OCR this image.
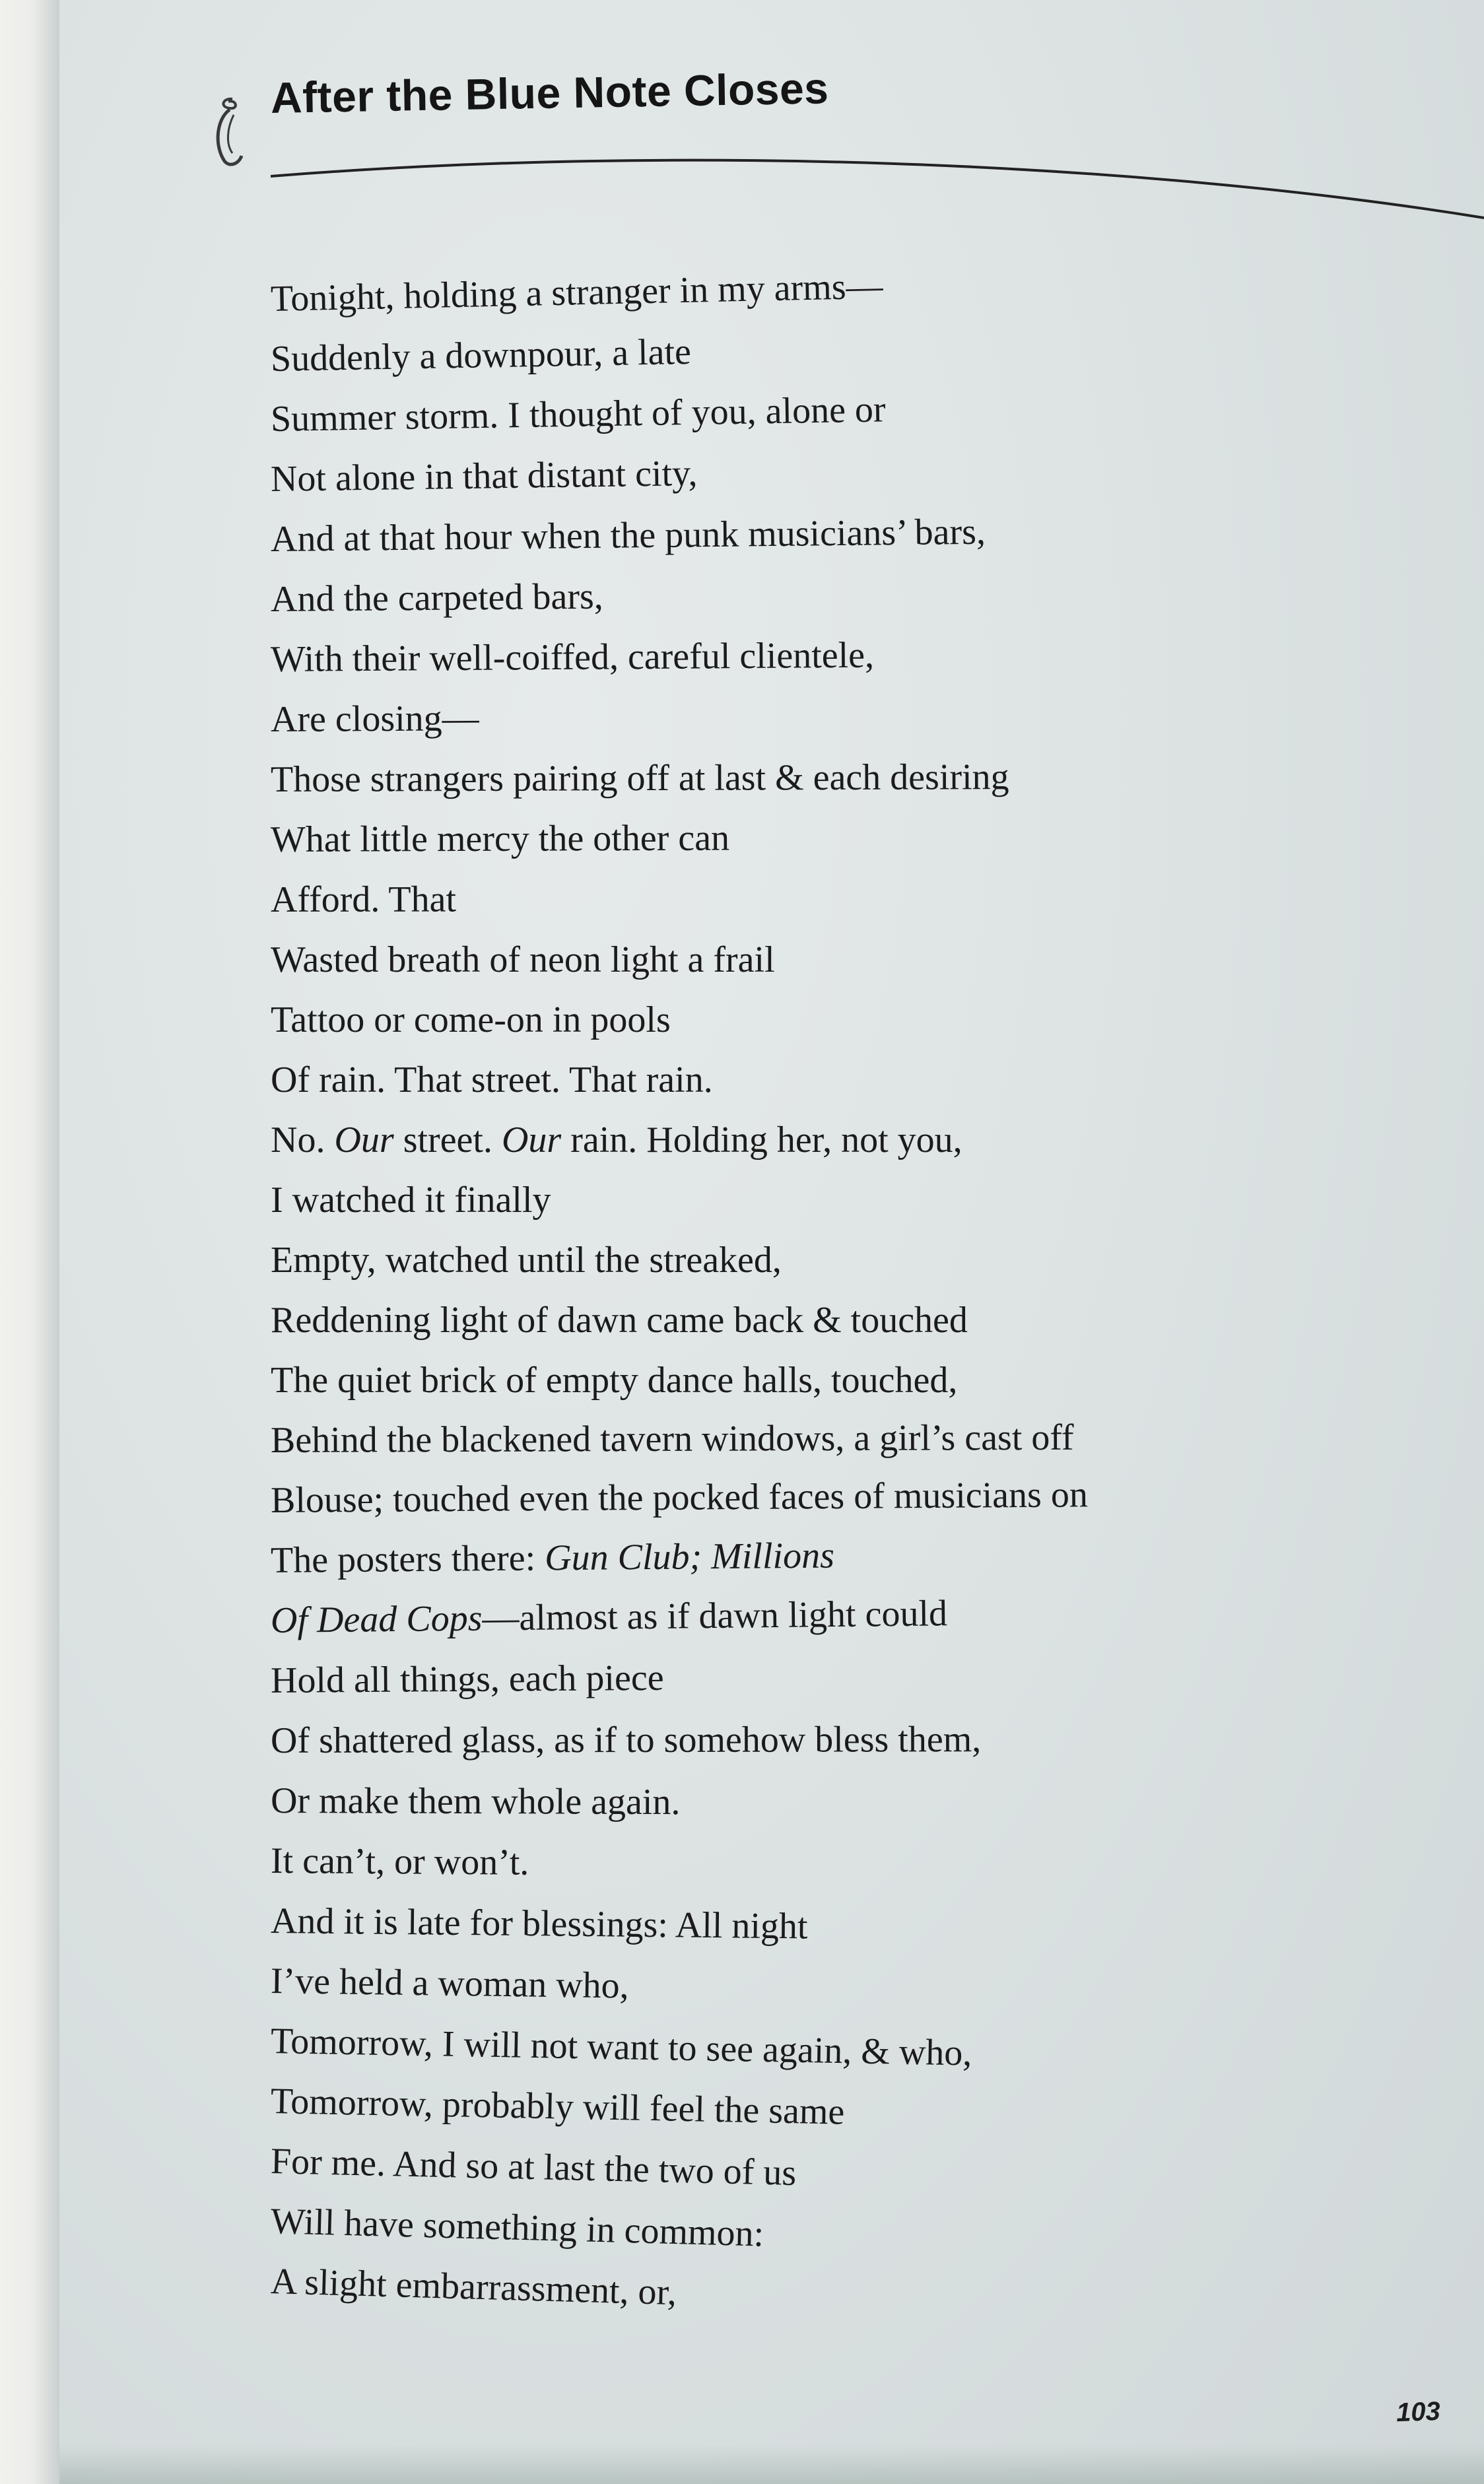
After the Blue Note Closes
Tonight, holding a stranger in my arms—
Suddenly a downpour, a late
Summer storm. I thought of you, alone or
Not alone in that distant city,
And at that hour when the punk musicians’ bars,
And the carpeted bars,
With their well-coiffed, careful clientele,
Are closing—
Those strangers pairing off at last & each desiring
What little mercy the other can
Afford. That
Wasted breath of neon light a frail
Tattoo or come-on in pools
Of rain. That street. That rain.
No. Our street. Our rain. Holding her, not you,
I watched it finally
Empty, watched until the streaked,
Reddening light of dawn came back & touched
The quiet brick of empty dance halls, touched,
Behind the blackened tavern windows, a girl’s cast off
Blouse; touched even the pocked faces of musicians on
The posters there: Gun Club; Millions
Of Dead Cops—almost as if dawn light could
Hold all things, each piece
Of shattered glass, as if to somehow bless them,
Or make them whole again.
It can’t, or won’t.
And it is late for blessings: All night
I’ve held a woman who,
Tomorrow, I will not want to see again, & who,
Tomorrow, probably will feel the same
For me. And so at last the two of us
Will have something in common:
A slight embarrassment, or,
103
